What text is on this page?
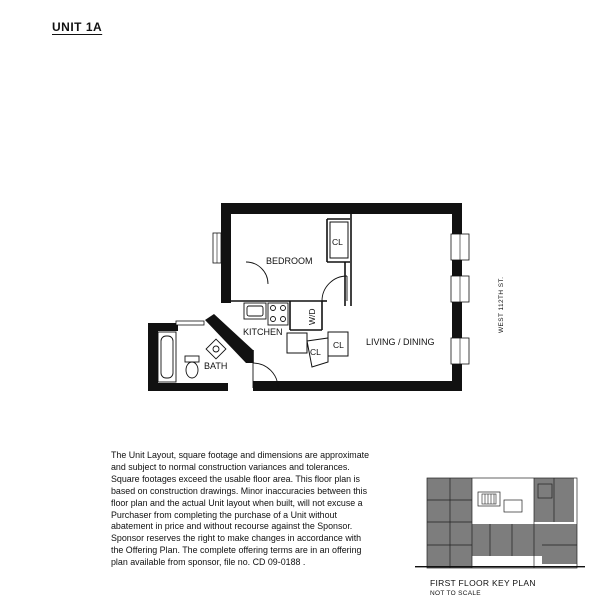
UNIT 1A
BEDROOM
KITCHEN
BATH
LIVING / DINING
CL
CL
CL
W/D	WEST 112TH ST.
The Unit Layout, square footage and dimensions are approximate and subject to normal construction variances and tolerances. Square footages exceed the usable floor area. This floor plan is based on construction drawings. Minor inaccuracies between this floor plan and the actual Unit layout when built, will not excuse a Purchaser from completing the purchase of a Unit without abatement in price and without recourse against the Sponsor. Sponsor reserves the right to make changes in accordance with the Offering Plan. The complete offering terms are in an offering plan available from sponsor, file no. CD 09-0188 .
FIRST FLOOR KEY PLAN
NOT TO SCALE
